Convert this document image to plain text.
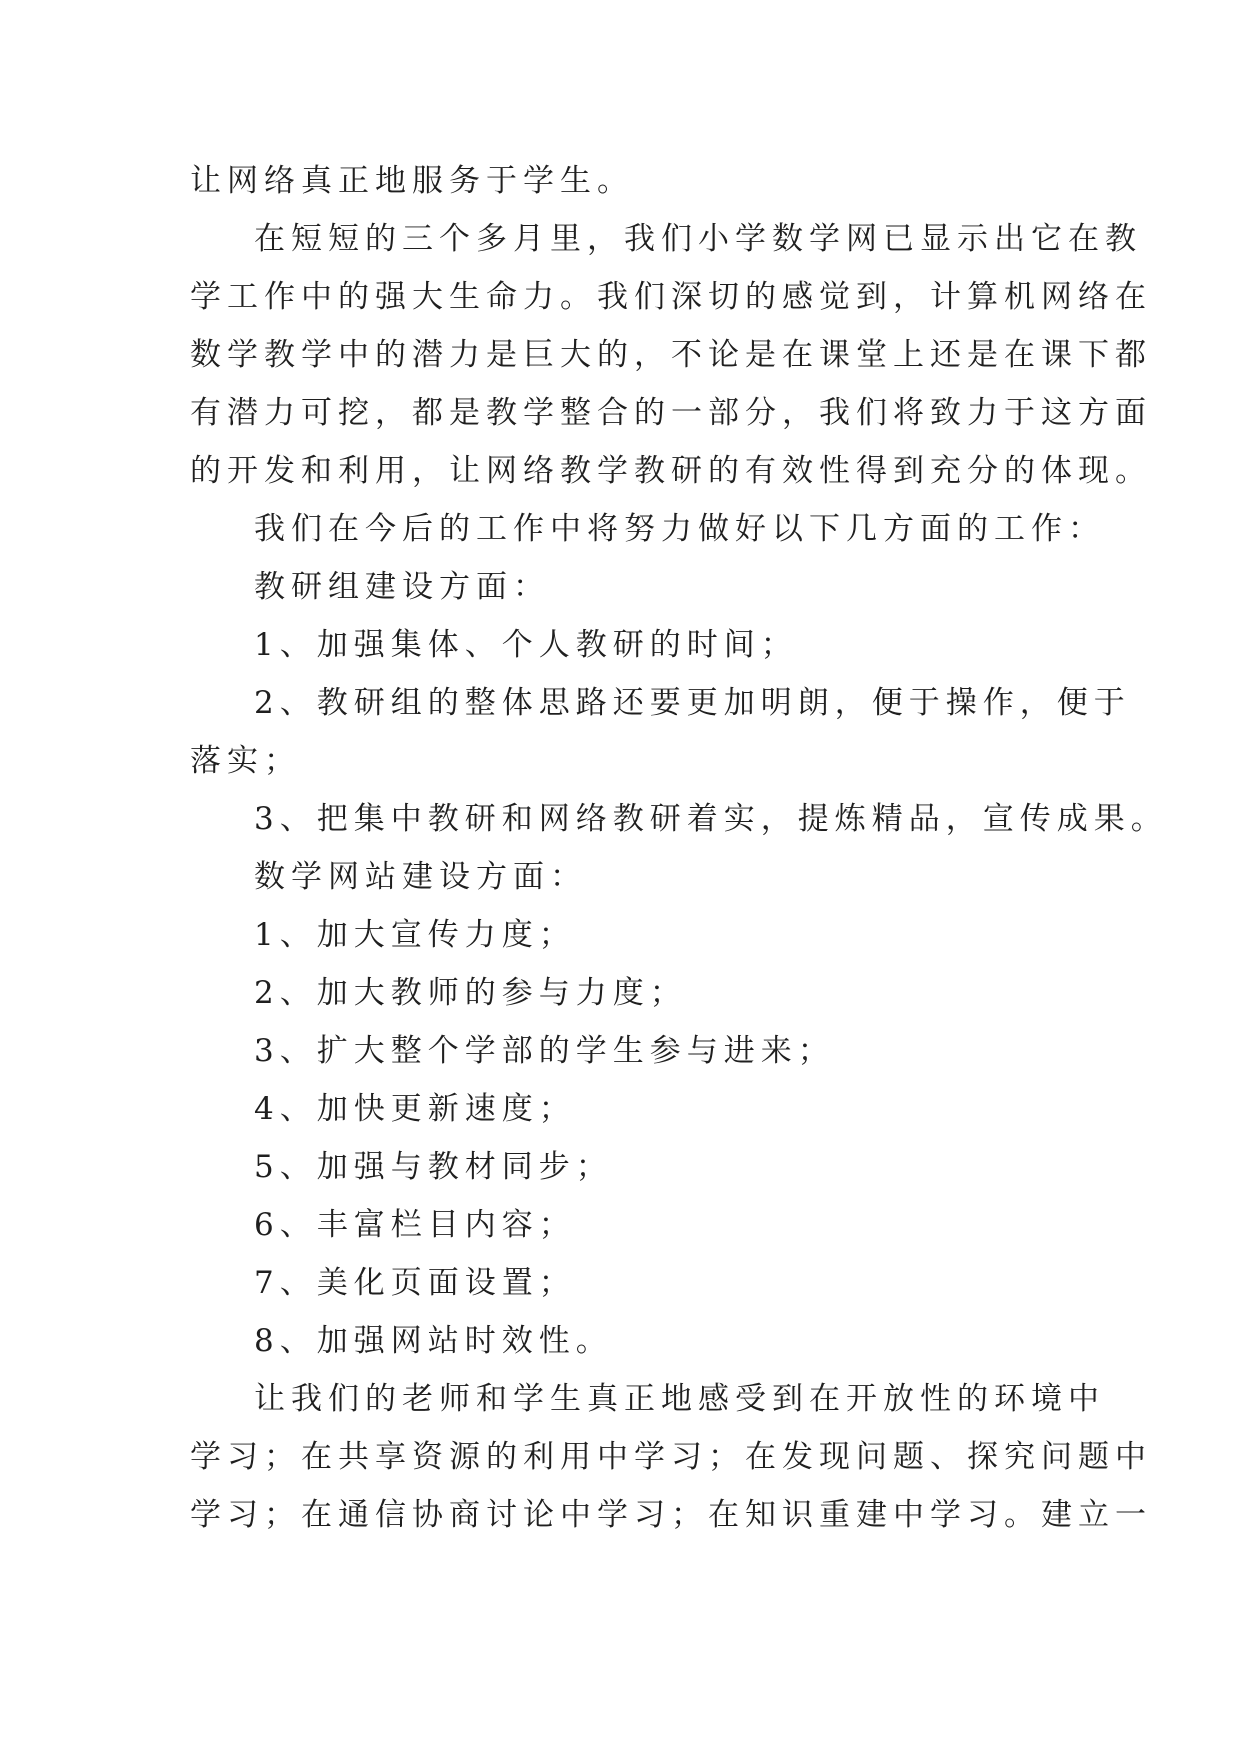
让网络真正地服务于学生。
在短短的三个多月里，我们小学数学网已显示出它在教
学工作中的强大生命力。我们深切的感觉到，计算机网络在
数学教学中的潜力是巨大的，不论是在课堂上还是在课下都
有潜力可挖，都是教学整合的一部分，我们将致力于这方面
的开发和利用，让网络教学教研的有效性得到充分的体现。
我们在今后的工作中将努力做好以下几方面的工作：
教研组建设方面：
1、加强集体、个人教研的时间；
2、教研组的整体思路还要更加明朗，便于操作，便于
落实；
3、把集中教研和网络教研着实，提炼精品，宣传成果。
数学网站建设方面：
1、加大宣传力度；
2、加大教师的参与力度；
3、扩大整个学部的学生参与进来；
4、加快更新速度；
5、加强与教材同步；
6、丰富栏目内容；
7、美化页面设置；
8、加强网站时效性。
让我们的老师和学生真正地感受到在开放性的环境中
学习；在共享资源的利用中学习；在发现问题、探究问题中
学习；在通信协商讨论中学习；在知识重建中学习。建立一
